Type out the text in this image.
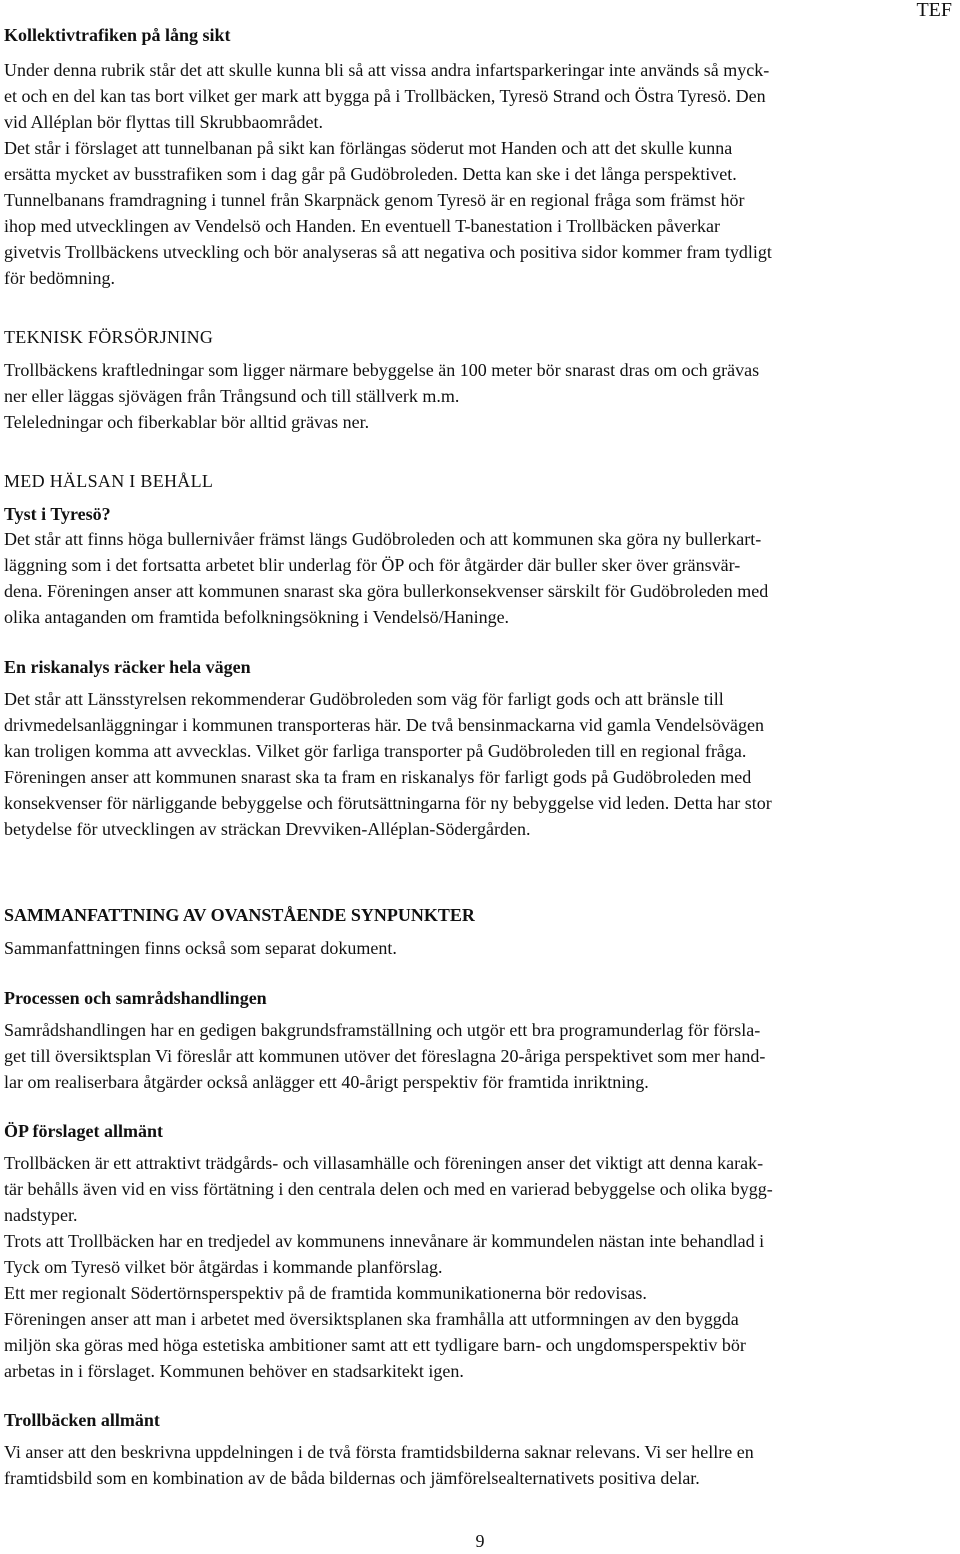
TEF
Kollektivtrafiken på lång sikt

Under denna rubrik står det att skulle kunna bli så att vissa andra infartsparkeringar inte används så myck-

et och en del kan tas bort vilket ger mark att bygga på i Trollbäcken, Tyresö Strand och Östra Tyresö. Den

vid Alléplan bör flyttas till Skrubbaområdet.

Det står i förslaget att tunnelbanan på sikt kan förlängas söderut mot Handen och att det skulle kunna

ersätta mycket av busstrafiken som i dag går på Gudöbroleden. Detta kan ske i det långa perspektivet.

Tunnelbanans framdragning i tunnel från Skarpnäck genom Tyresö är en regional fråga som främst hör

ihop med utvecklingen av Vendelsö och Handen. En eventuell T-banestation i Trollbäcken påverkar

givetvis Trollbäckens utveckling och bör analyseras så att negativa och positiva sidor kommer fram tydligt

för bedömning.

TEKNISK FÖRSÖRJNING

Trollbäckens kraftledningar som ligger närmare bebyggelse än 100 meter bör snarast dras om och grävas

ner eller läggas sjövägen från Trångsund och till ställverk m.m.

Teleledningar och fiberkablar bör alltid grävas ner.

MED HÄLSAN I BEHÅLL
Tyst i Tyresö?

Det står att finns höga bullernivåer främst längs Gudöbroleden och att kommunen ska göra ny bullerkart-

läggning som i det fortsatta arbetet blir underlag för ÖP och för åtgärder där buller sker över gränsvär-

dena. Föreningen anser att kommunen snarast ska göra bullerkonsekvenser särskilt för Gudöbroleden med

olika antaganden om framtida befolkningsökning i Vendelsö/Haninge.

En riskanalys räcker hela vägen

Det står att Länsstyrelsen rekommenderar Gudöbroleden som väg för farligt gods och att bränsle till

drivmedelsanläggningar i kommunen transporteras här. De två bensinmackarna vid gamla Vendelsövägen

kan troligen komma att avvecklas. Vilket gör farliga transporter på Gudöbroleden till en regional fråga.

Föreningen anser att kommunen snarast ska ta fram en riskanalys för farligt gods på Gudöbroleden med

konsekvenser för närliggande bebyggelse och förutsättningarna för ny bebyggelse vid leden. Detta har stor

betydelse för utvecklingen av sträckan Drevviken-Alléplan-Södergården.

SAMMANFATTNING AV OVANSTÅENDE SYNPUNKTER

Sammanfattningen finns också som separat dokument.

Processen och samrådshandlingen

Samrådshandlingen har en gedigen bakgrundsframställning och utgör ett bra programunderlag för försla-

get till översiktsplan Vi föreslår att kommunen utöver det föreslagna 20-åriga perspektivet som mer hand-

lar om realiserbara åtgärder också anlägger ett 40-årigt perspektiv för framtida inriktning.

ÖP förslaget allmänt

Trollbäcken är ett attraktivt trädgårds- och villasamhälle och föreningen anser det viktigt att denna karak-

tär behålls även vid en viss förtätning i den centrala delen och med en varierad bebyggelse och olika bygg-

nadstyper.

Trots att Trollbäcken har en tredjedel av kommunens innevånare är kommundelen nästan inte behandlad i

Tyck om Tyresö vilket bör åtgärdas i kommande planförslag.

Ett mer regionalt Södertörnsperspektiv på de framtida kommunikationerna bör redovisas.

Föreningen anser att man i arbetet med översiktsplanen ska framhålla att utformningen av den byggda

miljön ska göras med höga estetiska ambitioner samt att ett tydligare barn- och ungdomsperspektiv bör

arbetas in i förslaget. Kommunen behöver en stadsarkitekt igen.

Trollbäcken allmänt

Vi anser att den beskrivna uppdelningen i de två första framtidsbilderna saknar relevans. Vi ser hellre en

framtidsbild som en kombination av de båda bildernas och jämförelsealternativets positiva delar.

9
